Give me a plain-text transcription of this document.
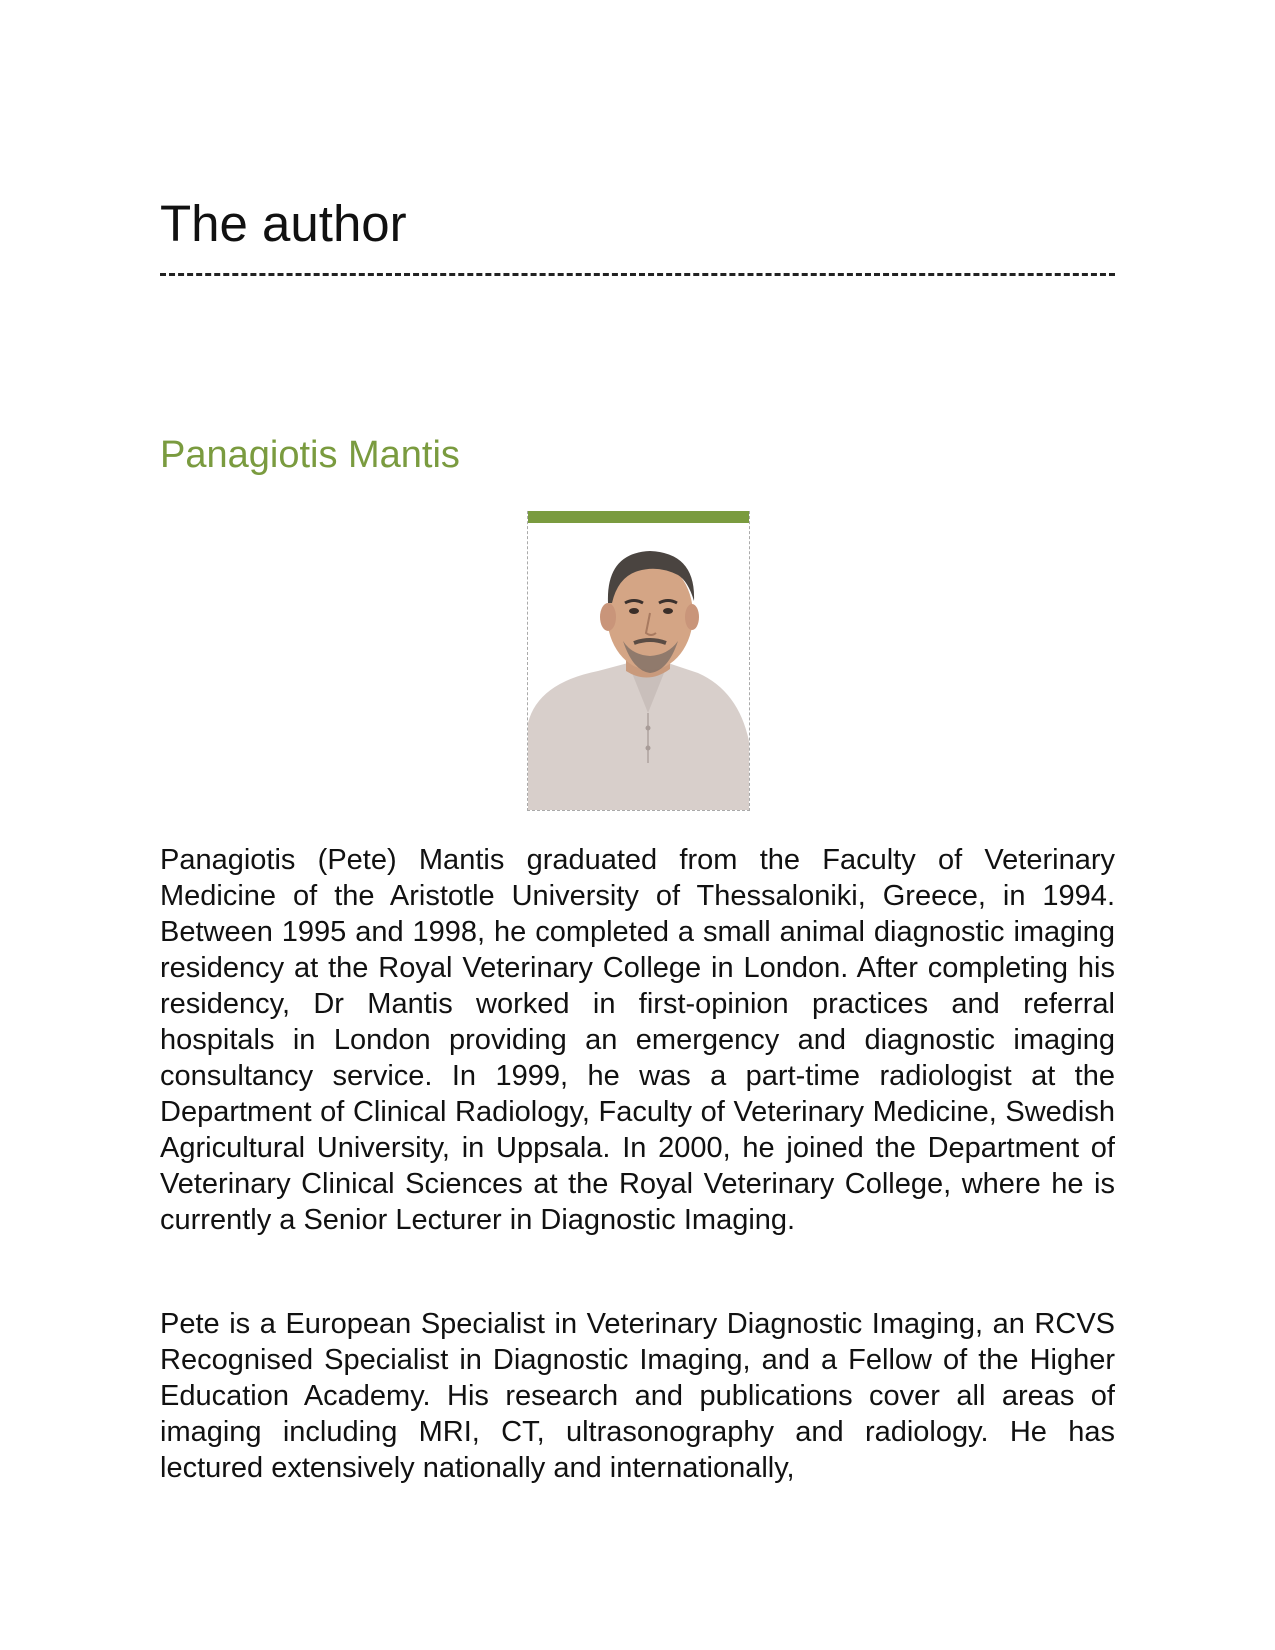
The author
Panagiotis Mantis

Panagiotis (Pete) Mantis graduated from the Faculty of Veterinary Medicine of the Aristotle University of Thessaloniki, Greece, in 1994. Between 1995 and 1998, he completed a small animal diagnostic imaging residency at the Royal Veterinary College in London. After completing his residency, Dr Mantis worked in first-opinion practices and referral hospitals in London providing an emergency and diagnostic imaging consultancy service. In 1999, he was a part-time radiologist at the Department of Clinical Radiology, Faculty of Veterinary Medicine, Swedish Agricultural University, in Uppsala. In 2000, he joined the Department of Veterinary Clinical Sciences at the Royal Veterinary College, where he is currently a Senior Lecturer in Diagnostic Imaging.

Pete is a European Specialist in Veterinary Diagnostic Imaging, an RCVS Recognised Specialist in Diagnostic Imaging, and a Fellow of the Higher Education Academy. His research and publications cover all areas of imaging including MRI, CT, ultrasonography and radiology. He has lectured extensively nationally and internationally,
